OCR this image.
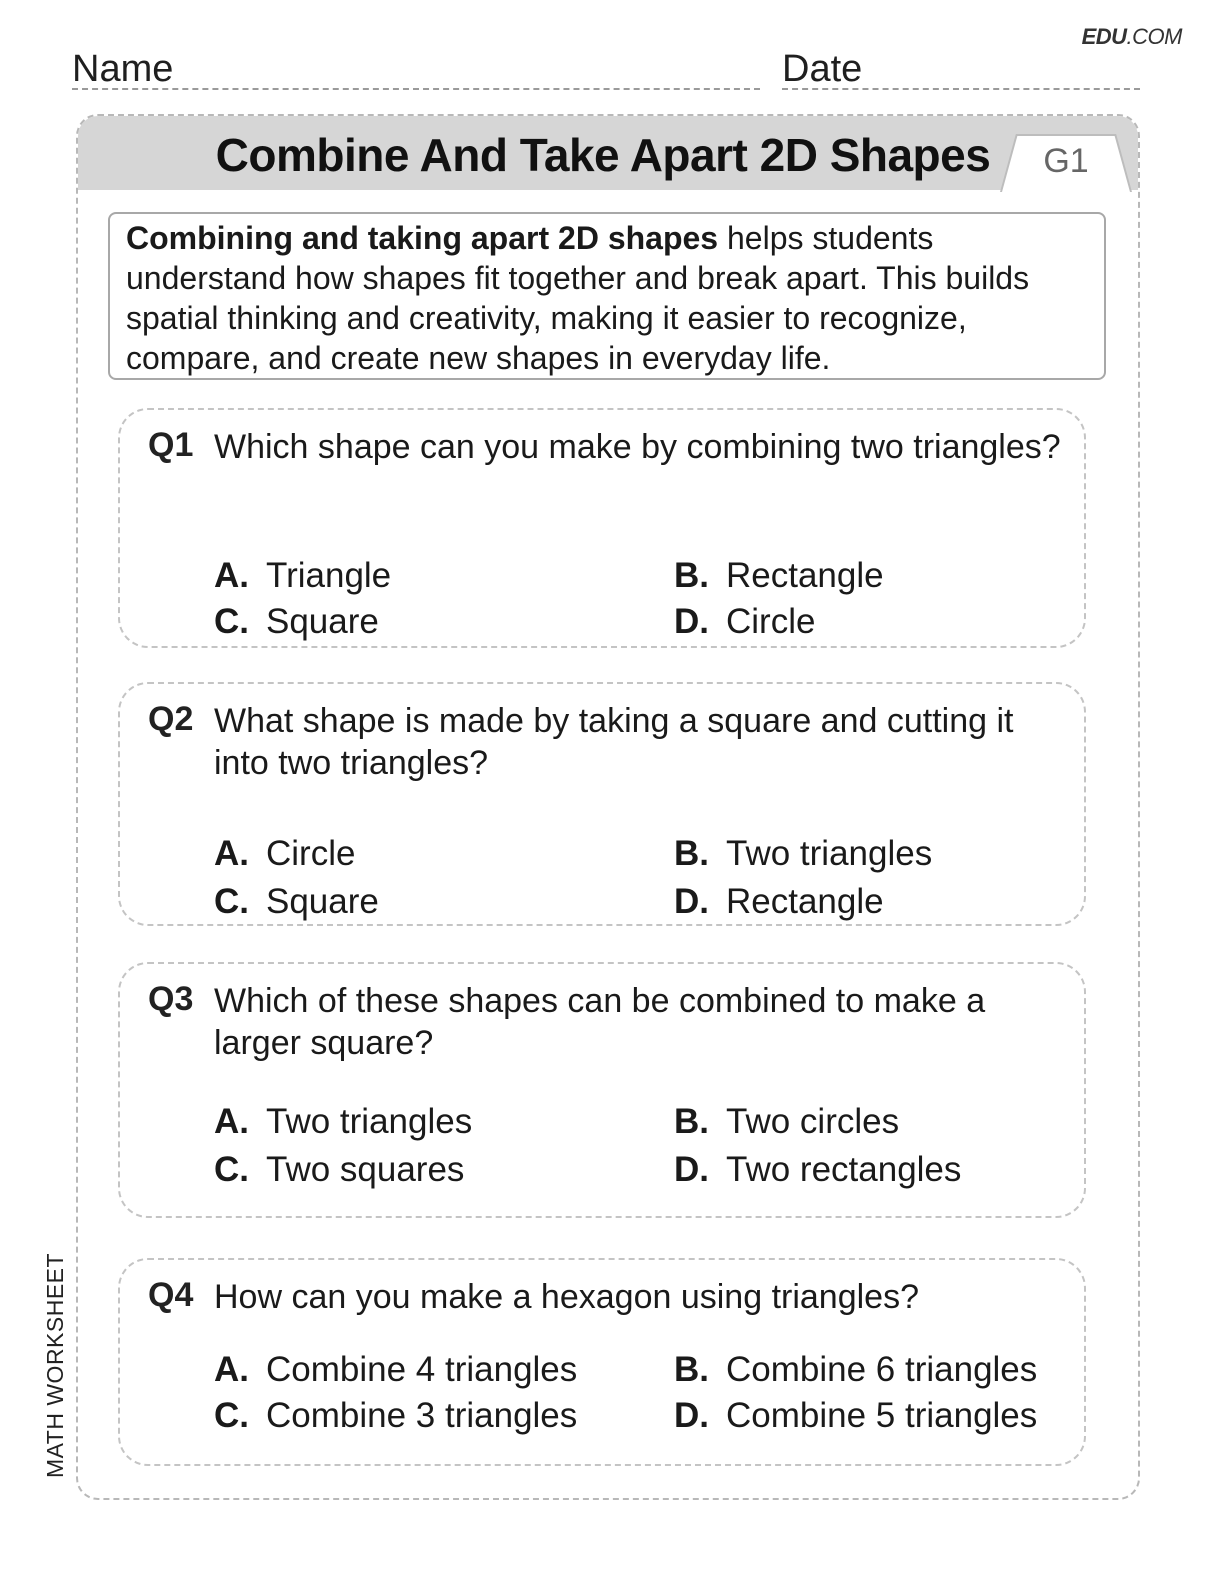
EDU.COM
Name	Date
Combine And Take Apart 2D Shapes	G1
Combining and taking apart 2D shapes helps students understand how shapes fit together and break apart. This builds spatial thinking and creativity, making it easier to recognize, compare, and create new shapes in everyday life.
Q1 Which shape can you make by combining two triangles?
A. Triangle	B. Rectangle
C. Square	D. Circle
Q2 What shape is made by taking a square and cutting it into two triangles?
A. Circle	B. Two triangles
C. Square	D. Rectangle
Q3 Which of these shapes can be combined to make a larger square?
A. Two triangles	B. Two circles
C. Two squares	D. Two rectangles
Q4 How can you make a hexagon using triangles?
A. Combine 4 triangles	B. Combine 6 triangles
C. Combine 3 triangles	D. Combine 5 triangles
MATH WORKSHEET
